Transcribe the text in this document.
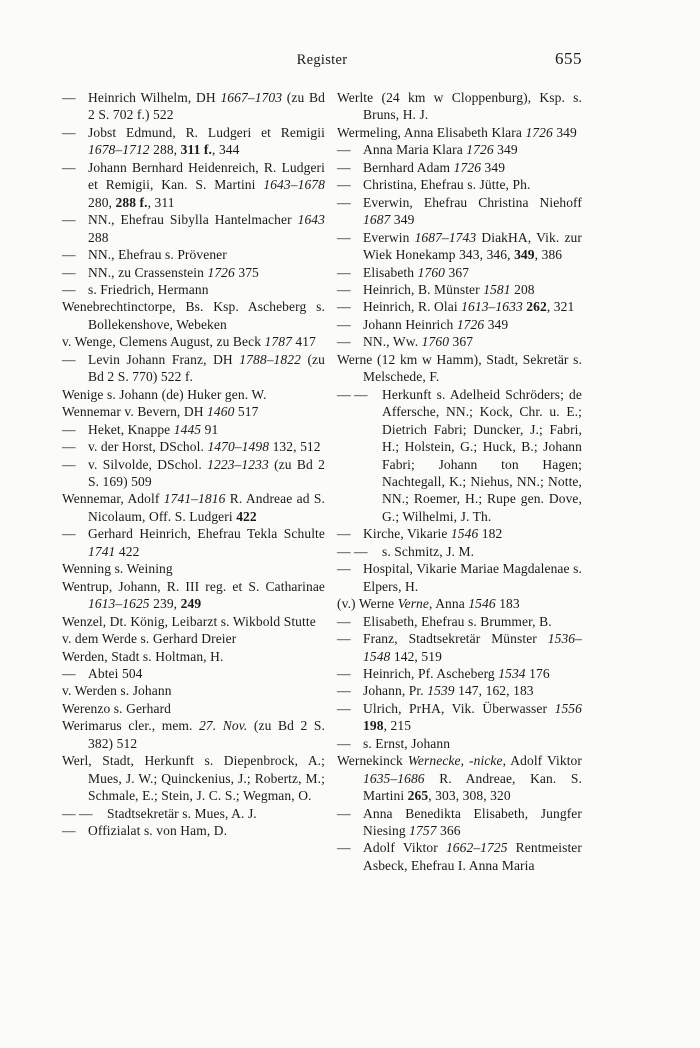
Register	655

— Heinrich Wilhelm, DH 1667–1703 (zu Bd 2 S. 702 f.) 522

— Jobst Edmund, R. Ludgeri et Remigii 1678–1712 288, 311 f., 344

— Johann Bernhard Heidenreich, R. Ludgeri et Remigii, Kan. S. Martini 1643–1678 280, 288 f., 311

— NN., Ehefrau Sibylla Hantelmacher 1643 288

— NN., Ehefrau s. Prövener

— NN., zu Crassenstein 1726 375

— s. Friedrich, Hermann

Wenebrechtinctorpe, Bs. Ksp. Ascheberg s. Bollekenshove, Webeken

v. Wenge, Clemens August, zu Beck 1787 417

— Levin Johann Franz, DH 1788–1822 (zu Bd 2 S. 770) 522 f.

Wenige s. Johann (de) Huker gen. W.

Wennemar v. Bevern, DH 1460 517

— Heket, Knappe 1445 91

— v. der Horst, DSchol. 1470–1498 132, 512

— v. Silvolde, DSchol. 1223–1233 (zu Bd 2 S. 169) 509

Wennemar, Adolf 1741–1816 R. Andreae ad S. Nicolaum, Off. S. Ludgeri 422

— Gerhard Heinrich, Ehefrau Tekla Schulte 1741 422

Wenning s. Weining

Wentrup, Johann, R. III reg. et S. Catharinae 1613–1625 239, 249

Wenzel, Dt. König, Leibarzt s. Wikbold Stutte

v. dem Werde s. Gerhard Dreier

Werden, Stadt s. Holtman, H.

— Abtei 504

v. Werden s. Johann

Werenzo s. Gerhard

Werimarus cler., mem. 27. Nov. (zu Bd 2 S. 382) 512

Werl, Stadt, Herkunft s. Diepenbrock, A.; Mues, J. W.; Quinckenius, J.; Robertz, M.; Schmale, E.; Stein, J. C. S.; Wegman, O.

— — Stadtsekretär s. Mues, A. J.

— Offizialat s. von Ham, D.

Werlte (24 km w Cloppenburg), Ksp. s. Bruns, H. J.

Wermeling, Anna Elisabeth Klara 1726 349

— Anna Maria Klara 1726 349

— Bernhard Adam 1726 349

— Christina, Ehefrau s. Jütte, Ph.

— Everwin, Ehefrau Christina Niehoff 1687 349

— Everwin 1687–1743 DiakHA, Vik. zur Wiek Honekamp 343, 346, 349, 386

— Elisabeth 1760 367

— Heinrich, B. Münster 1581 208

— Heinrich, R. Olai 1613–1633 262, 321

— Johann Heinrich 1726 349

— NN., Ww. 1760 367

Werne (12 km w Hamm), Stadt, Sekretär s. Melschede, F.

— — Herkunft s. Adelheid Schröders; de Affersche, NN.; Kock, Chr. u. E.; Dietrich Fabri; Duncker, J.; Fabri, H.; Holstein, G.; Huck, B.; Johann Fabri; Johann ton Hagen; Nachtegall, K.; Niehus, NN.; Notte, NN.; Roemer, H.; Rupe gen. Dove, G.; Wilhelmi, J. Th.

— Kirche, Vikarie 1546 182

— — s. Schmitz, J. M.

— Hospital, Vikarie Mariae Magdalenae s. Elpers, H.

(v.) Werne Verne, Anna 1546 183

— Elisabeth, Ehefrau s. Brummer, B.

— Franz, Stadtsekretär Münster 1536–1548 142, 519

— Heinrich, Pf. Ascheberg 1534 176

— Johann, Pr. 1539 147, 162, 183

— Ulrich, PrHA, Vik. Überwasser 1556 198, 215

— s. Ernst, Johann

Wernekinck Wernecke, -nicke, Adolf Viktor 1635–1686 R. Andreae, Kan. S. Martini 265, 303, 308, 320

— Anna Benedikta Elisabeth, Jungfer Niesing 1757 366

— Adolf Viktor 1662–1725 Rentmeister Asbeck, Ehefrau I. Anna Maria
